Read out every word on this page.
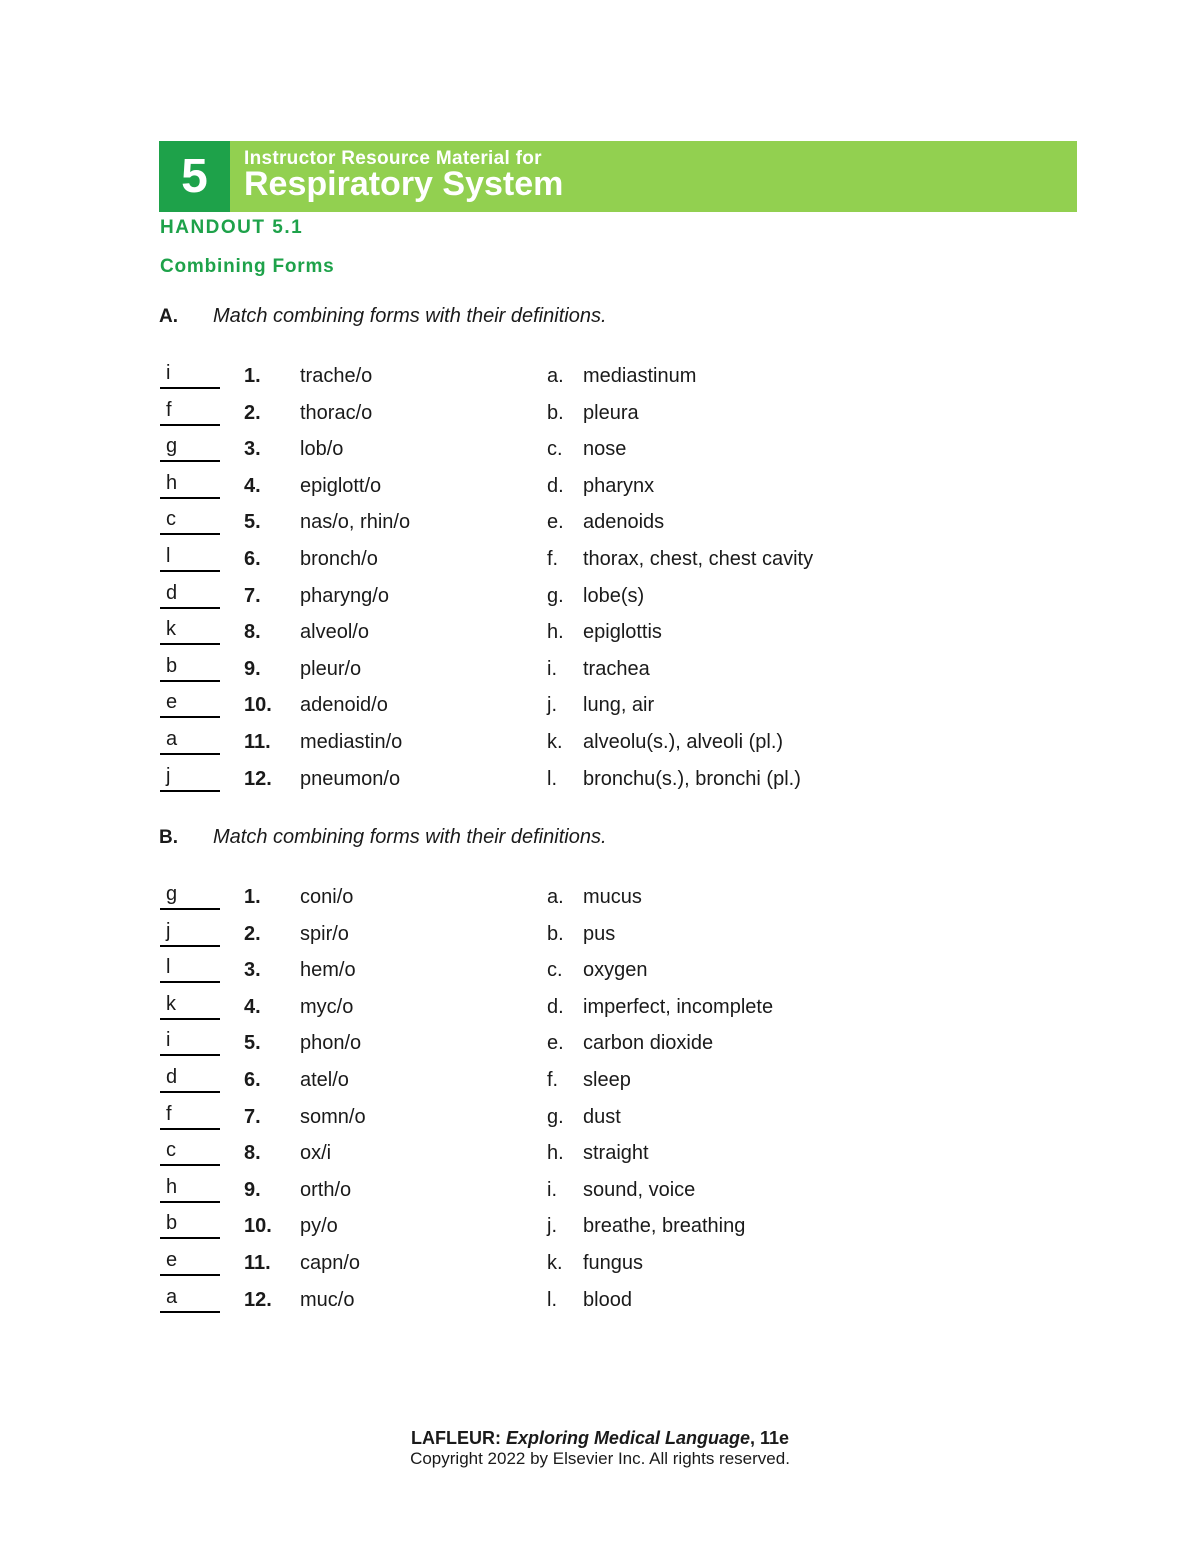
5	Instructor Resource Material for
Respiratory System
HANDOUT 5.1
Combining Forms
A. Match combining forms with their definitions.
i	1. trache/o	a. mediastinum
f	2. thorac/o	b. pleura
g	3. lob/o	c. nose
h	4. epiglott/o	d. pharynx
c	5. nas/o, rhin/o	e. adenoids
l	6. bronch/o	f. thorax, chest, chest cavity
d	7. pharyng/o	g. lobe(s)
k	8. alveol/o	h. epiglottis
b	9. pleur/o	i. trachea
e	10. adenoid/o	j. lung, air
a	11. mediastin/o	k. alveolu(s.), alveoli (pl.)
j	12. pneumon/o	l. bronchu(s.), bronchi (pl.)
B. Match combining forms with their definitions.
g	1. coni/o	a. mucus
j	2. spir/o	b. pus
l	3. hem/o	c. oxygen
k	4. myc/o	d. imperfect, incomplete
i	5. phon/o	e. carbon dioxide
d	6. atel/o	f. sleep
f	7. somn/o	g. dust
c	8. ox/i	h. straight
h	9. orth/o	i. sound, voice
b	10. py/o	j. breathe, breathing
e	11. capn/o	k. fungus
a	12. muc/o	l. blood
LAFLEUR: Exploring Medical Language, 11e
Copyright 2022 by Elsevier Inc. All rights reserved.
